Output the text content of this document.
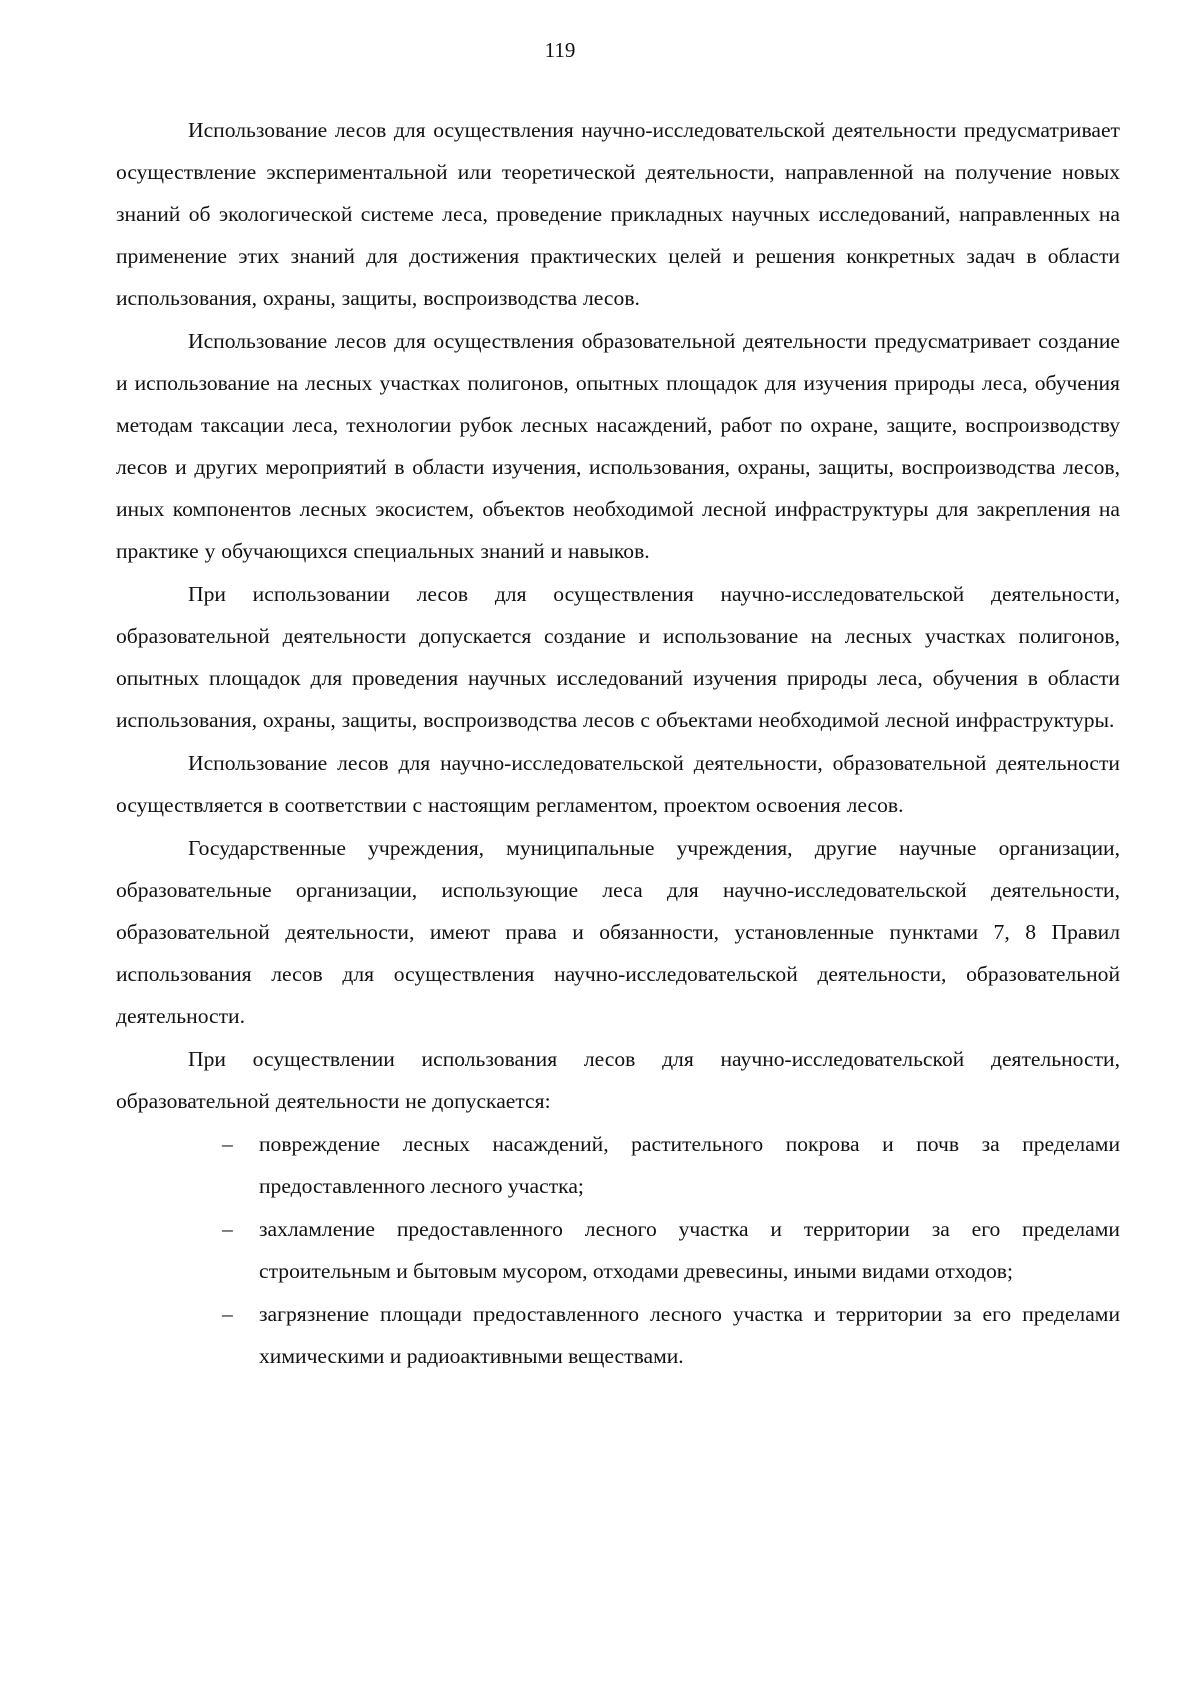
119

Использование лесов для осуществления научно-исследовательской деятельности предусматривает осуществление экспериментальной или теоретической деятельности, направленной на получение новых знаний об экологической системе леса, проведение прикладных научных исследований, направленных на применение этих знаний для достижения практических целей и решения конкретных задач в области использования, охраны, защиты, воспроизводства лесов.

Использование лесов для осуществления образовательной деятельности предусматривает создание и использование на лесных участках полигонов, опытных площадок для изучения природы леса, обучения методам таксации леса, технологии рубок лесных насаждений, работ по охране, защите, воспроизводству лесов и других мероприятий в области изучения, использования, охраны, защиты, воспроизводства лесов, иных компонентов лесных экосистем, объектов необходимой лесной инфраструктуры для закрепления на практике у обучающихся специальных знаний и навыков.

При использовании лесов для осуществления научно-исследовательской деятельности, образовательной деятельности допускается создание и использование на лесных участках полигонов, опытных площадок для проведения научных исследований изучения природы леса, обучения в области использования, охраны, защиты, воспроизводства лесов с объектами необходимой лесной инфраструктуры.

Использование лесов для научно-исследовательской деятельности, образовательной деятельности осуществляется в соответствии с настоящим регламентом, проектом освоения лесов.

Государственные учреждения, муниципальные учреждения, другие научные организации, образовательные организации, использующие леса для научно-исследовательской деятельности, образовательной деятельности, имеют права и обязанности, установленные пунктами 7, 8 Правил использования лесов для осуществления научно-исследовательской деятельности, образовательной деятельности.

При осуществлении использования лесов для научно-исследовательской деятельности, образовательной деятельности не допускается:

– повреждение лесных насаждений, растительного покрова и почв за пределами предоставленного лесного участка;
– захламление предоставленного лесного участка и территории за его пределами строительным и бытовым мусором, отходами древесины, иными видами отходов;
– загрязнение площади предоставленного лесного участка и территории за его пределами химическими и радиоактивными веществами.
